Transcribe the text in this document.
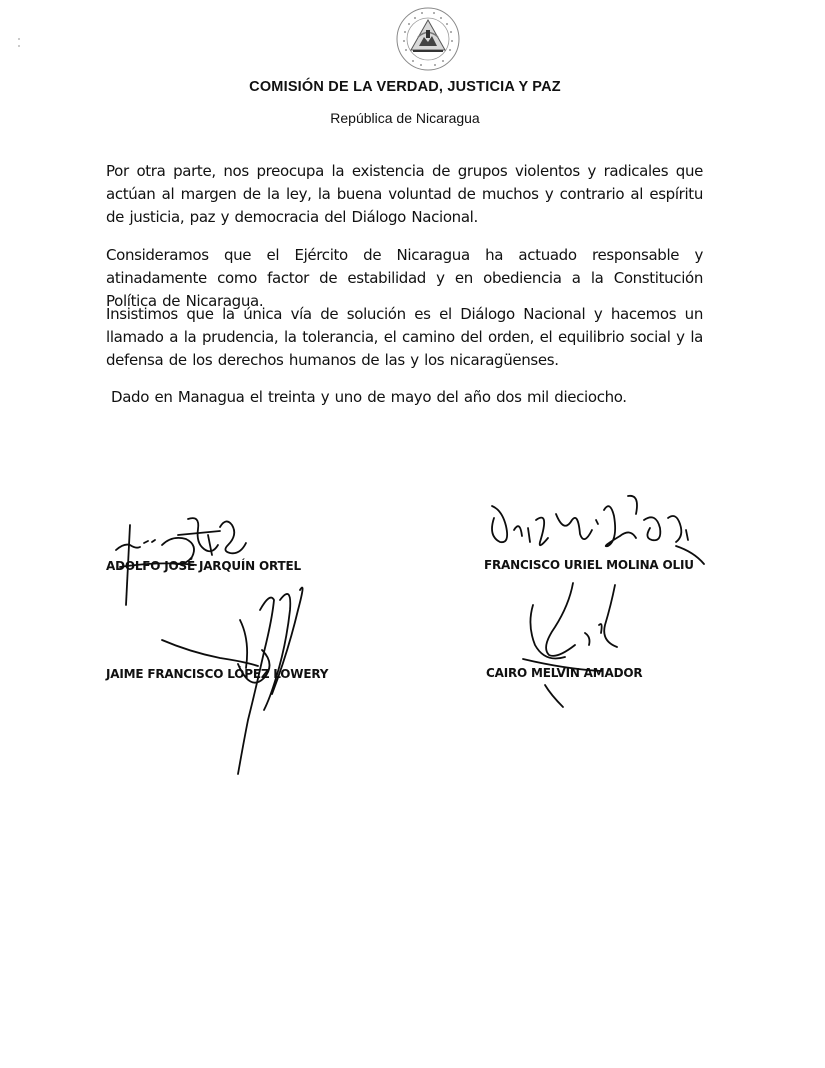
COMISIÓN DE LA VERDAD, JUSTICIA Y PAZ
República de Nicaragua

Por otra parte, nos preocupa la existencia de grupos violentos y radicales que actúan al margen de la ley, la buena voluntad de muchos y contrario al espíritu de justicia, paz y democracia del Diálogo Nacional.

Consideramos que el Ejército de Nicaragua ha actuado responsable y atinadamente como factor de estabilidad y en obediencia a la Constitución Política de Nicaragua.

Insistimos que la única vía de solución es el Diálogo Nacional y hacemos un llamado a la prudencia, la tolerancia, el camino del orden, el equilibrio social y la defensa de los derechos humanos de las y los nicaragüenses.

Dado en Managua el treinta y uno de mayo del año dos mil dieciocho.

ADOLFO JOSÉ JARQUÍN ORTEL	FRANCISCO URIEL MOLINA OLIU
JAIME FRANCISCO LÓPEZ LOWERY	CAIRO MELVIN AMADOR
